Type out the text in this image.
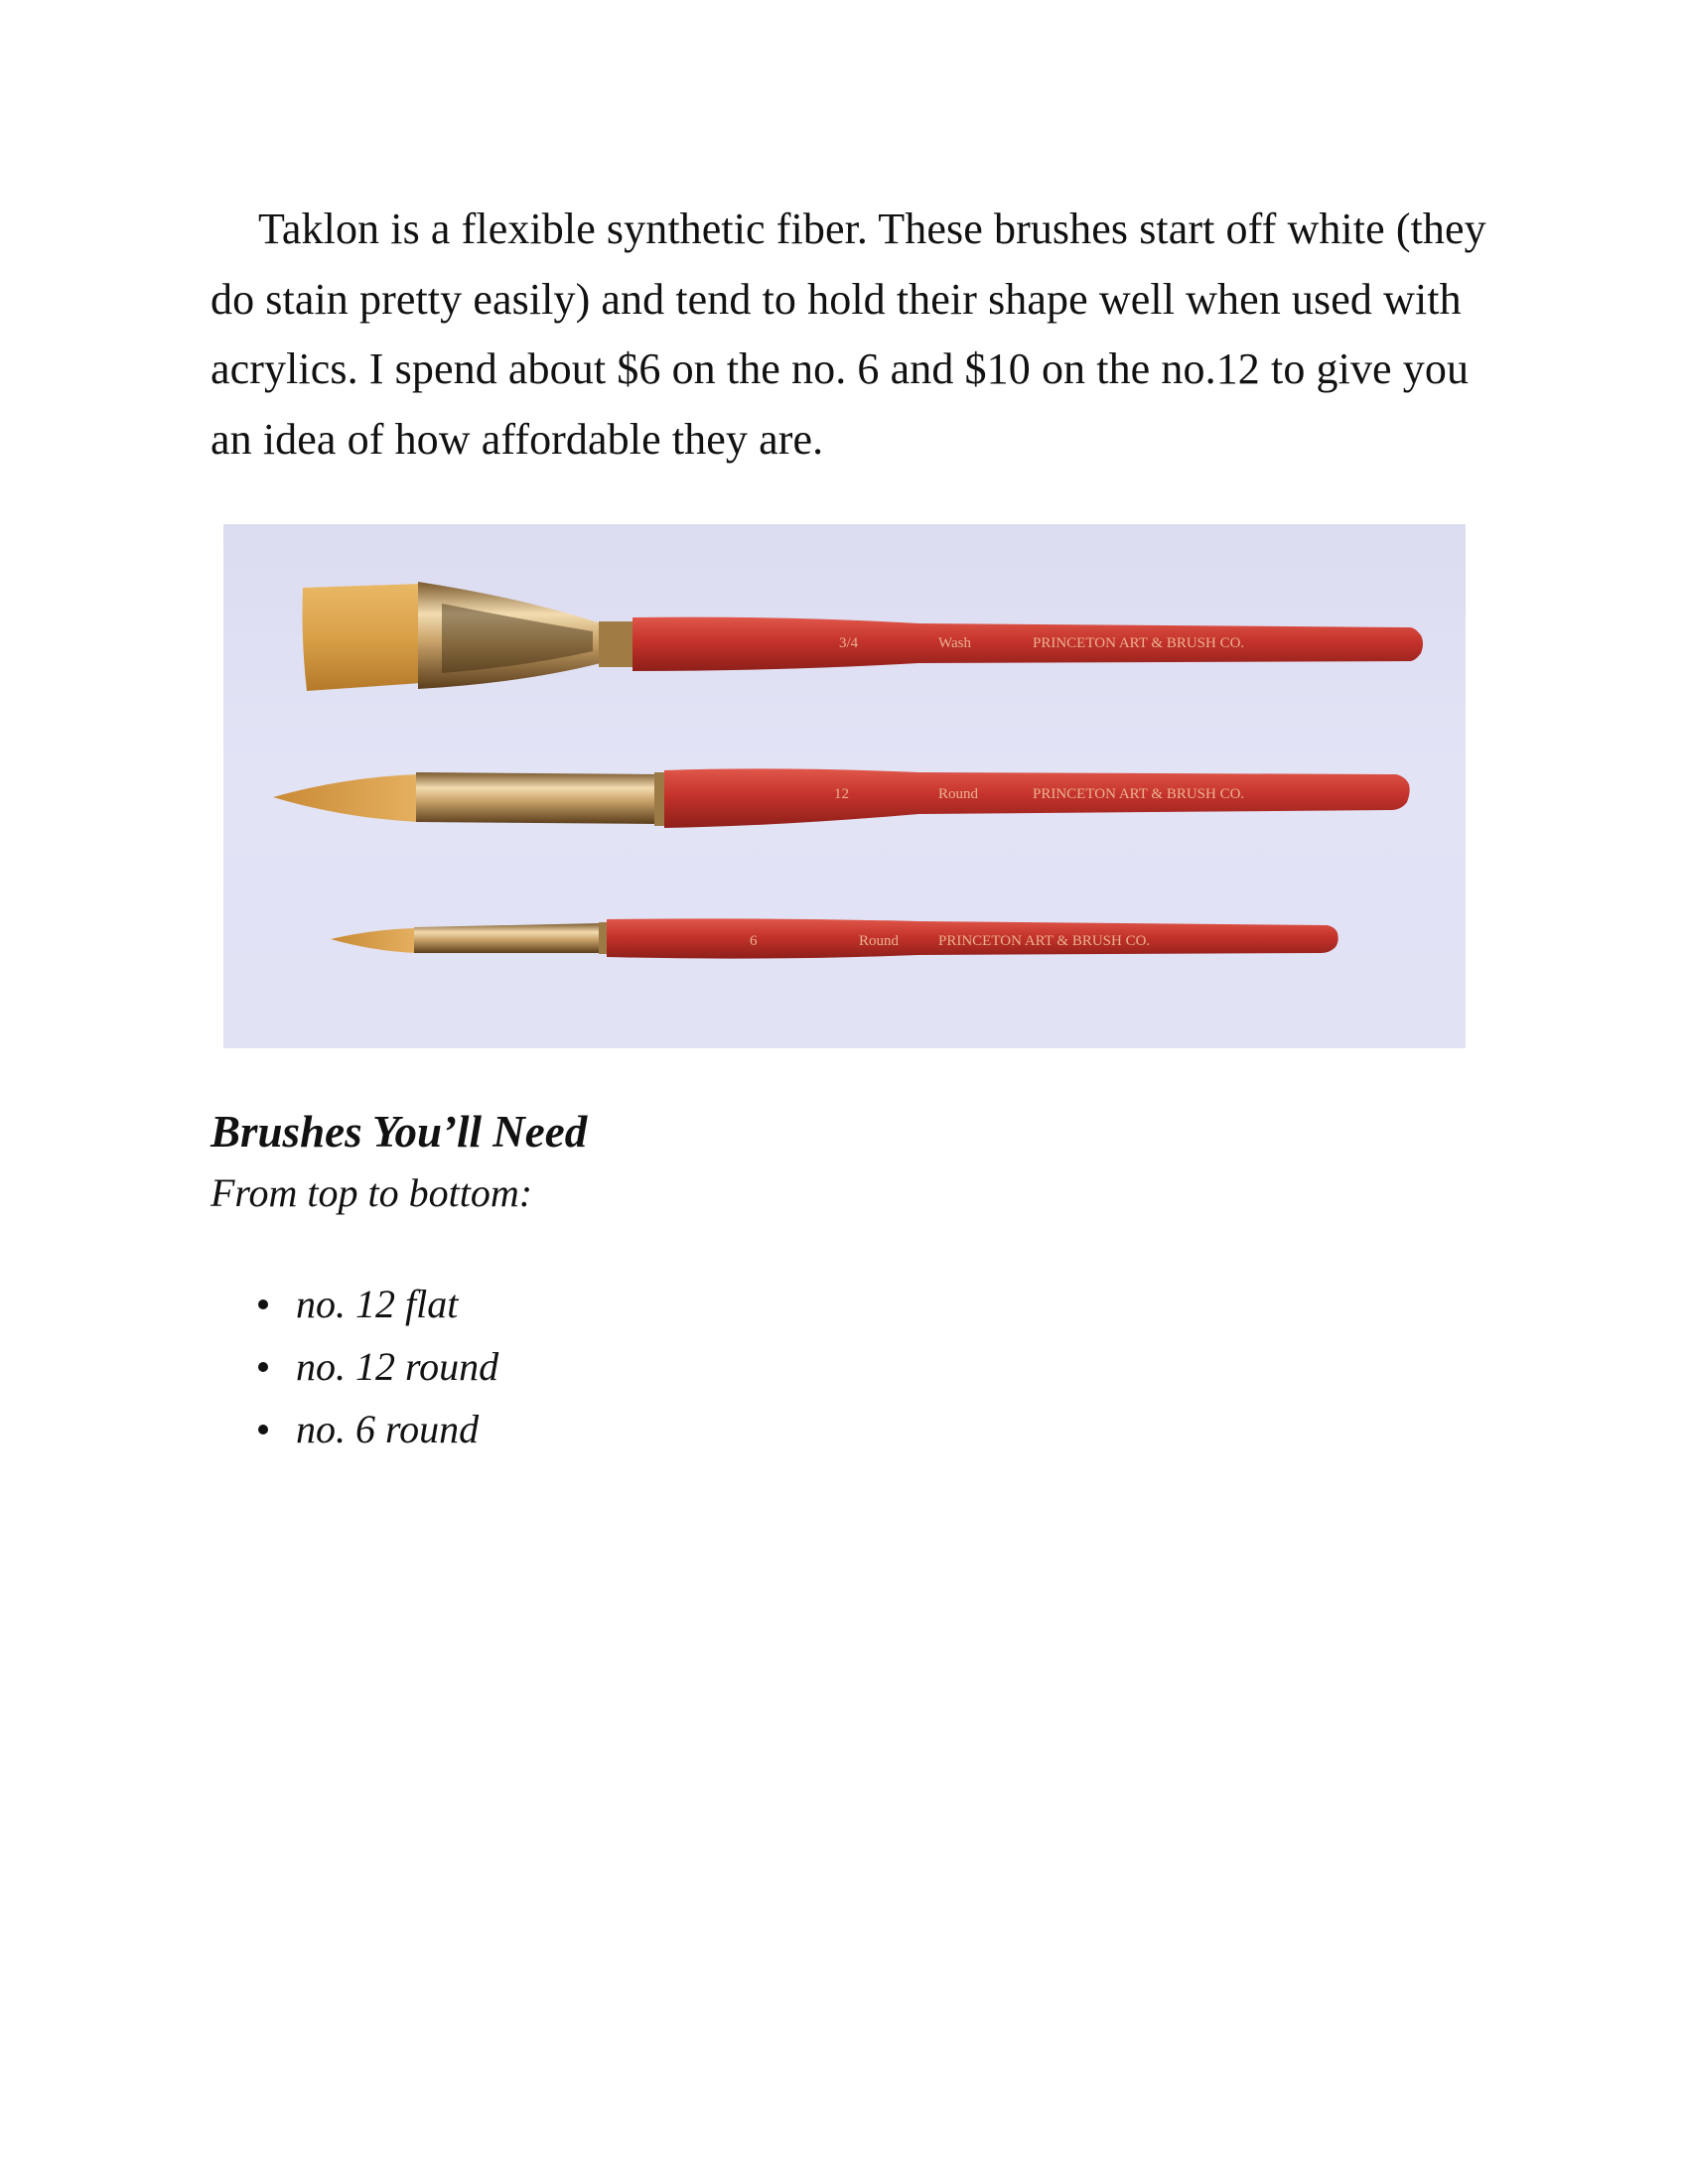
Taklon is a flexible synthetic fiber. These brushes start off white (they do stain pretty easily) and tend to hold their shape well when used with acrylics. I spend about $6 on the no. 6 and $10 on the no.12 to give you an idea of how affordable they are.

3/4	Wash	PRINCETON ART & BRUSH CO.
12	Round	PRINCETON ART & BRUSH CO.
6	Round	PRINCETON ART & BRUSH CO.
Brushes You’ll Need

From top to bottom:

no. 12 flat
no. 12 round
no. 6 round
